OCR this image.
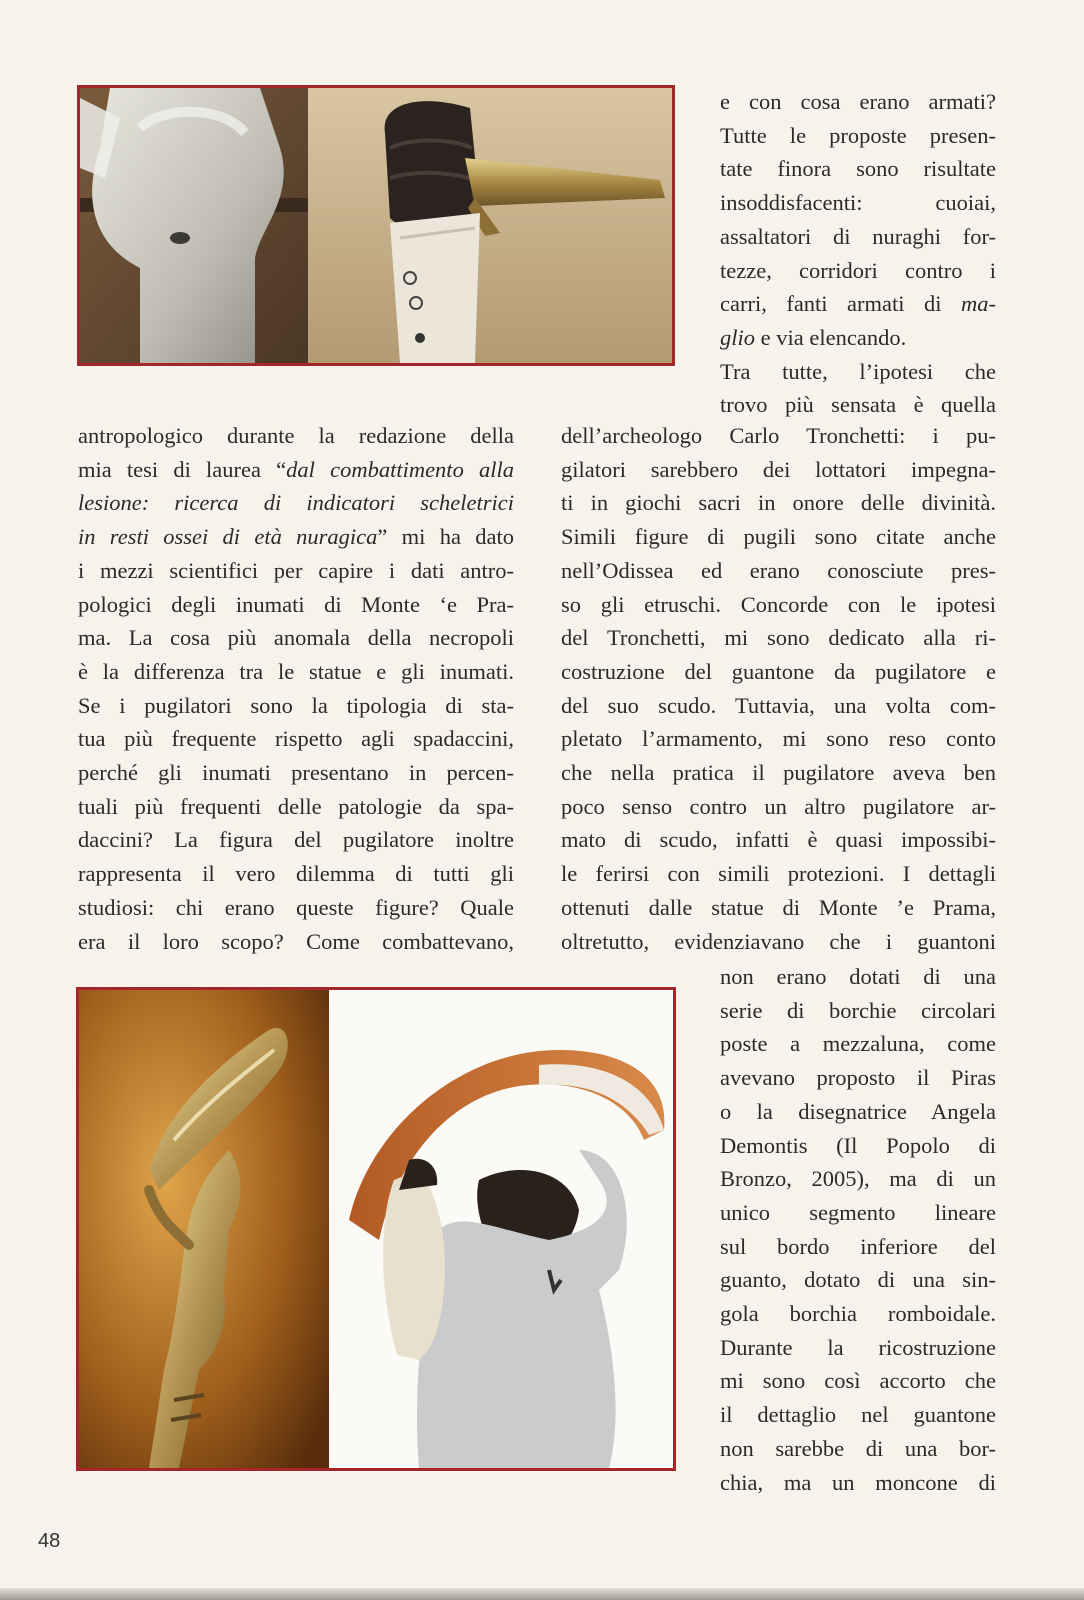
e con cosa erano armati?
Tutte le proposte presen-
tate finora sono risultate
insoddisfacenti: cuoiai,
assaltatori di nuraghi for-
tezze, corridori contro i
carri, fanti armati di ma-
glio e via elencando.
Tra tutte, l’ipotesi che
trovo più sensata è quella
antropologico durante la redazione della
mia tesi di laurea “dal combattimento alla
lesione: ricerca di indicatori scheletrici
in resti ossei di età nuragica” mi ha dato
i mezzi scientifici per capire i dati antro-
pologici degli inumati di Monte ‘e Pra-
ma. La cosa più anomala della necropoli
è la differenza tra le statue e gli inumati.
Se i pugilatori sono la tipologia di sta-
tua più frequente rispetto agli spadaccini,
perché gli inumati presentano in percen-
tuali più frequenti delle patologie da spa-
daccini? La figura del pugilatore inoltre
rappresenta il vero dilemma di tutti gli
studiosi: chi erano queste figure? Quale
era il loro scopo? Come combattevano,
dell’archeologo Carlo Tronchetti: i pu-
gilatori sarebbero dei lottatori impegna-
ti in giochi sacri in onore delle divinità.
Simili figure di pugili sono citate anche
nell’Odissea ed erano conosciute pres-
so gli etruschi. Concorde con le ipotesi
del Tronchetti, mi sono dedicato alla ri-
costruzione del guantone da pugilatore e
del suo scudo. Tuttavia, una volta com-
pletato l’armamento, mi sono reso conto
che nella pratica il pugilatore aveva ben
poco senso contro un altro pugilatore ar-
mato di scudo, infatti è quasi impossibi-
le ferirsi con simili protezioni. I dettagli
ottenuti dalle statue di Monte ’e Prama,
oltretutto, evidenziavano che i guantoni
non erano dotati di una
serie di borchie circolari
poste a mezzaluna, come
avevano proposto il Piras
o la disegnatrice Angela
Demontis (Il Popolo di
Bronzo, 2005), ma di un
unico segmento lineare
sul bordo inferiore del
guanto, dotato di una sin-
gola borchia romboidale.
Durante la ricostruzione
mi sono così accorto che
il dettaglio nel guantone
non sarebbe di una bor-
chia, ma un moncone di
48
